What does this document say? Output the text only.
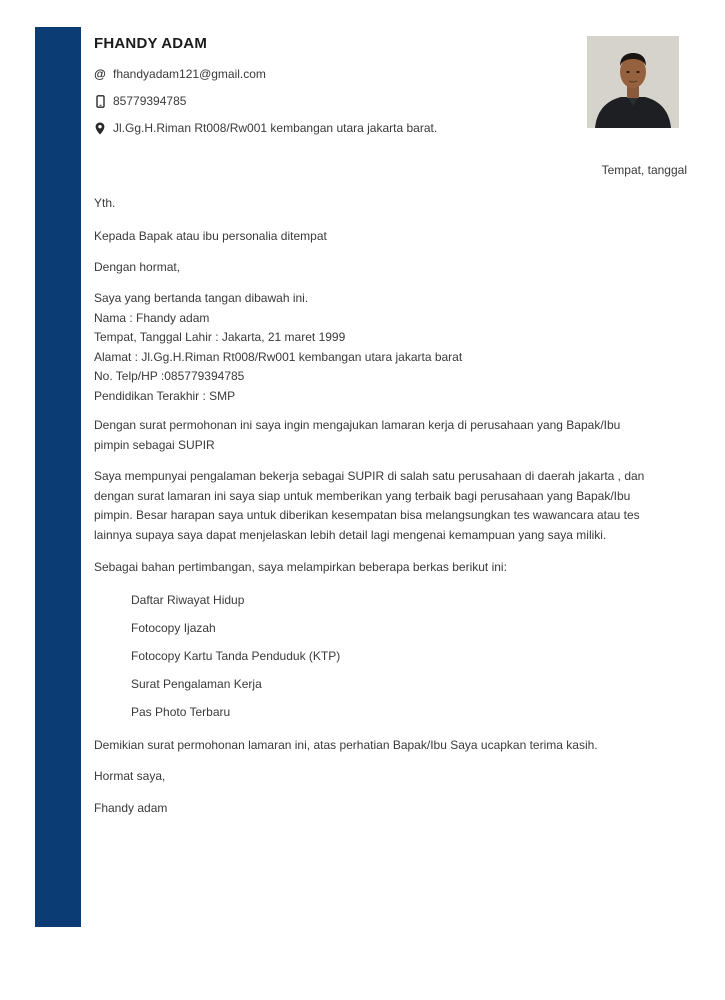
FHANDY ADAM
@ fhandyadam121@gmail.com
85779394785
Jl.Gg.H.Riman Rt008/Rw001 kembangan utara jakarta barat.
Tempat, tanggal
Yth.
Kepada Bapak atau ibu personalia ditempat
Dengan hormat,
Saya yang bertanda tangan dibawah ini.
Nama : Fhandy adam
Tempat, Tanggal Lahir : Jakarta, 21 maret 1999
Alamat : Jl.Gg.H.Riman Rt008/Rw001 kembangan utara jakarta barat
No. Telp/HP :085779394785
Pendidikan Terakhir : SMP
Dengan surat permohonan ini saya ingin mengajukan lamaran kerja di perusahaan yang Bapak/Ibu
pimpin sebagai SUPIR
Saya mempunyai pengalaman bekerja sebagai SUPIR di salah satu perusahaan di daerah jakarta , dan
dengan surat lamaran ini saya siap untuk memberikan yang terbaik bagi perusahaan yang Bapak/Ibu
pimpin. Besar harapan saya untuk diberikan kesempatan bisa melangsungkan tes wawancara atau tes
lainnya supaya saya dapat menjelaskan lebih detail lagi mengenai kemampuan yang saya miliki.
Sebagai bahan pertimbangan, saya melampirkan beberapa berkas berikut ini:
Daftar Riwayat Hidup
Fotocopy Ijazah
Fotocopy Kartu Tanda Penduduk (KTP)
Surat Pengalaman Kerja
Pas Photo Terbaru
Demikian surat permohonan lamaran ini, atas perhatian Bapak/Ibu Saya ucapkan terima kasih.
Hormat saya,
Fhandy adam
